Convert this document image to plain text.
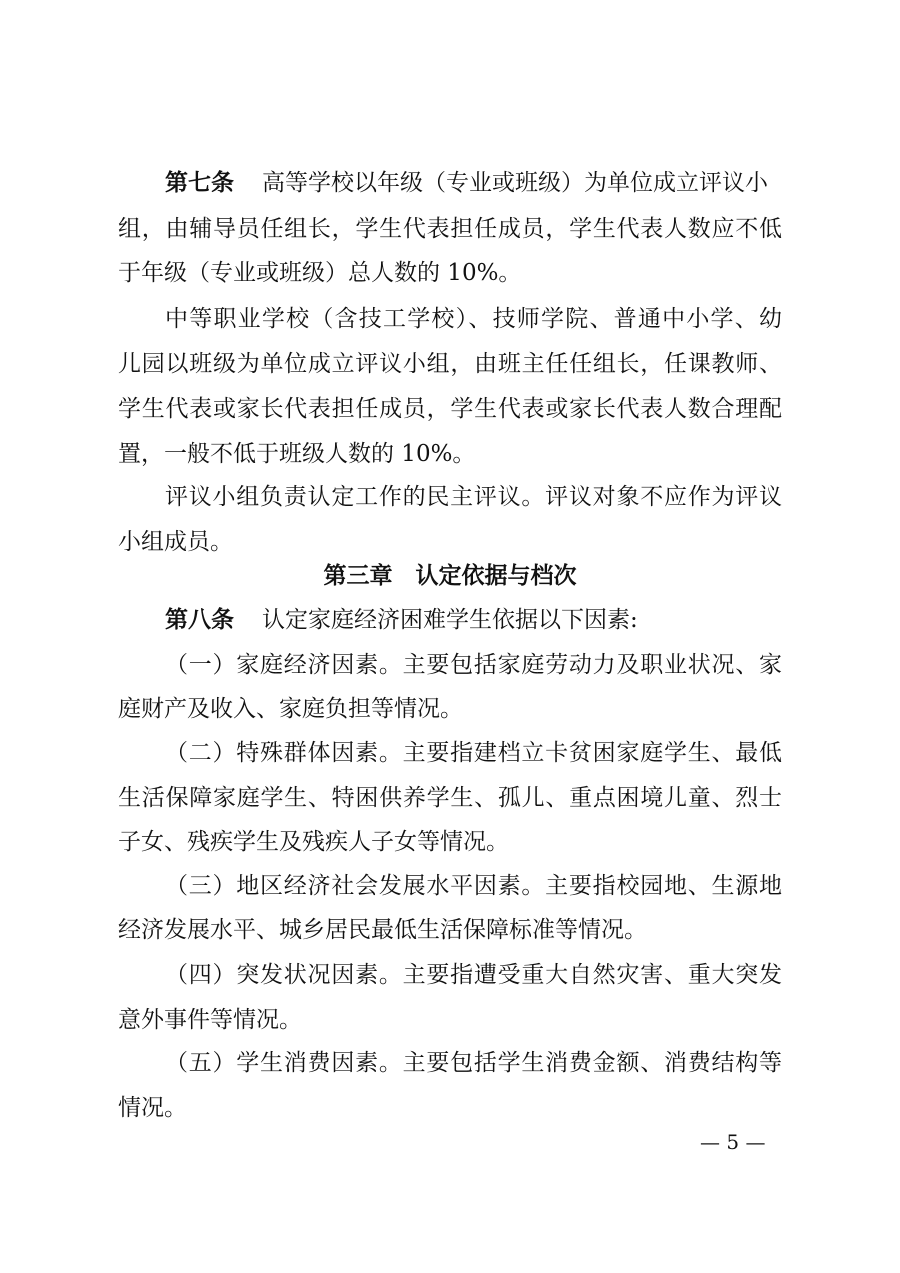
第七条 高等学校以年级（专业或班级）为单位成立评议小
组，由辅导员任组长，学生代表担任成员，学生代表人数应不低
于年级（专业或班级）总人数的 10%。
中等职业学校（含技工学校）、技师学院、普通中小学、幼
儿园以班级为单位成立评议小组，由班主任任组长，任课教师、
学生代表或家长代表担任成员，学生代表或家长代表人数合理配
置，一般不低于班级人数的 10%。
评议小组负责认定工作的民主评议。评议对象不应作为评议
小组成员。
第三章　认定依据与档次
第八条 认定家庭经济困难学生依据以下因素:
（一）家庭经济因素。主要包括家庭劳动力及职业状况、家
庭财产及收入、家庭负担等情况。
（二）特殊群体因素。主要指建档立卡贫困家庭学生、最低
生活保障家庭学生、特困供养学生、孤儿、重点困境儿童、烈士
子女、残疾学生及残疾人子女等情况。
（三）地区经济社会发展水平因素。主要指校园地、生源地
经济发展水平、城乡居民最低生活保障标准等情况。
（四）突发状况因素。主要指遭受重大自然灾害、重大突发
意外事件等情况。
（五）学生消费因素。主要包括学生消费金额、消费结构等
情况。
— 5 —
